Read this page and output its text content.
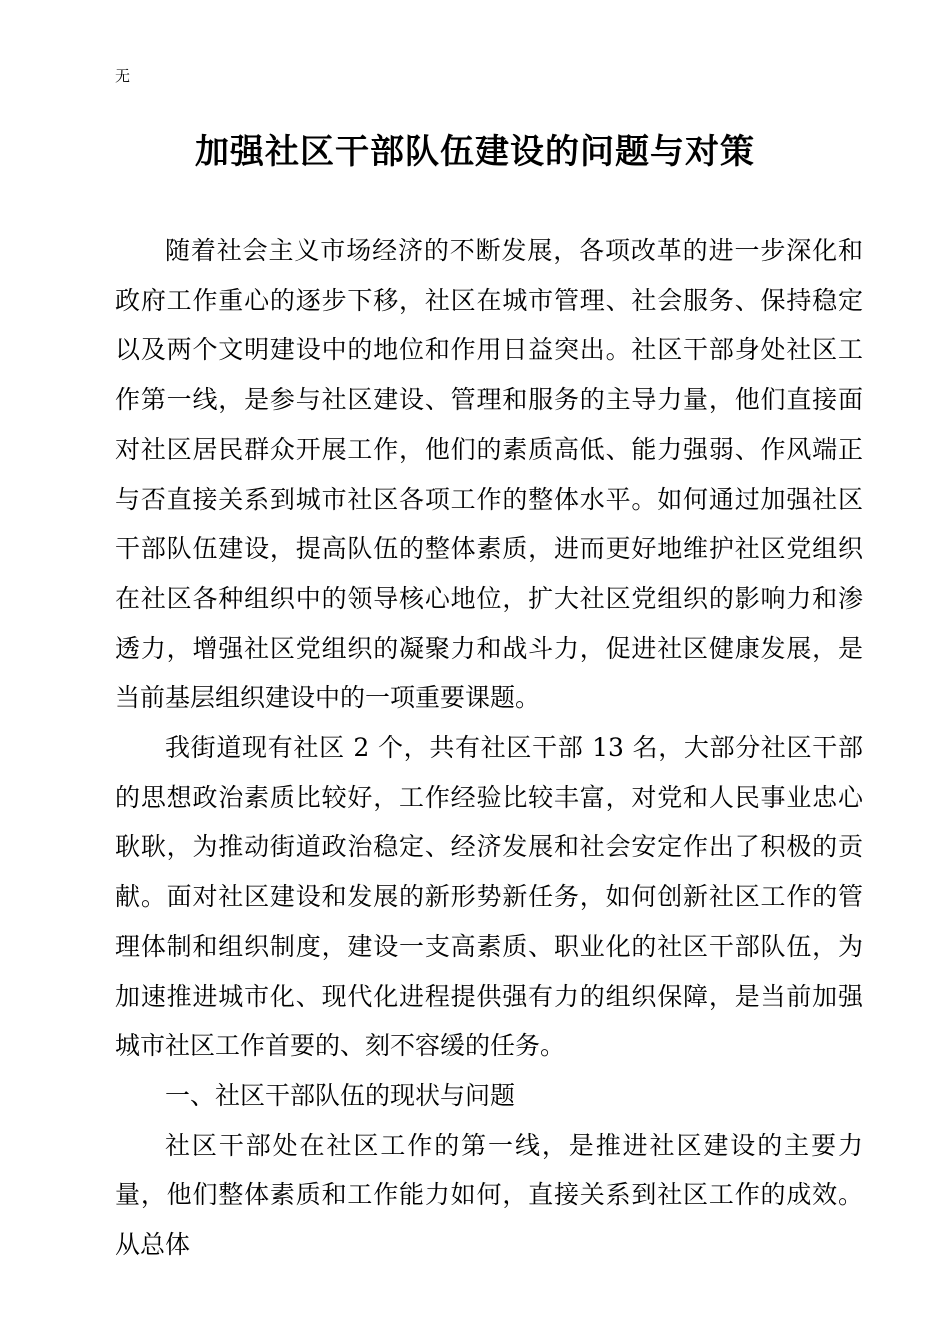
无
加强社区干部队伍建设的问题与对策

随着社会主义市场经济的不断发展，各项改革的进一步深化和政府工作重心的逐步下移，社区在城市管理、社会服务、保持稳定以及两个文明建设中的地位和作用日益突出。社区干部身处社区工作第一线，是参与社区建设、管理和服务的主导力量，他们直接面对社区居民群众开展工作，他们的素质高低、能力强弱、作风端正与否直接关系到城市社区各项工作的整体水平。如何通过加强社区干部队伍建设，提高队伍的整体素质，进而更好地维护社区党组织在社区各种组织中的领导核心地位，扩大社区党组织的影响力和渗透力，增强社区党组织的凝聚力和战斗力，促进社区健康发展，是当前基层组织建设中的一项重要课题。

我街道现有社区 2 个，共有社区干部 13 名，大部分社区干部的思想政治素质比较好，工作经验比较丰富，对党和人民事业忠心耿耿，为推动街道政治稳定、经济发展和社会安定作出了积极的贡献。面对社区建设和发展的新形势新任务，如何创新社区工作的管理体制和组织制度，建设一支高素质、职业化的社区干部队伍，为加速推进城市化、现代化进程提供强有力的组织保障，是当前加强城市社区工作首要的、刻不容缓的任务。

一、社区干部队伍的现状与问题

社区干部处在社区工作的第一线，是推进社区建设的主要力量，他们整体素质和工作能力如何，直接关系到社区工作的成效。从总体
